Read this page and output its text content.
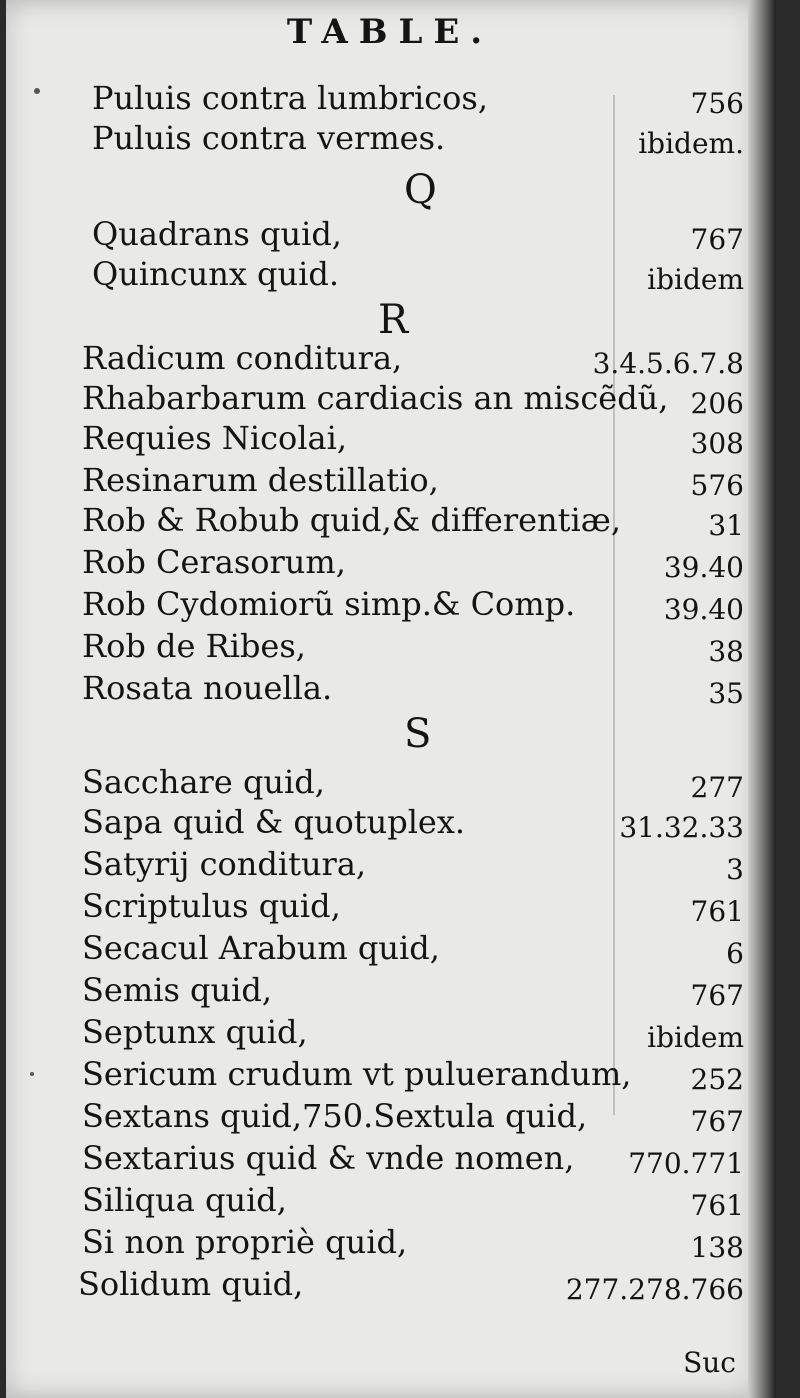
TABLE.
Puluis contra lumbricos,	756
Puluis contra vermes.	ibidem.
Q
Quadrans quid,	767
Quincunx quid.	ibidem
R
Radicum conditura,	3.4.5.6.7.8
Rhabarbarum cardiacis an miscẽdũ, 206
Requies Nicolai,	308
Resinarum destillatio,	576
Rob & Robub quid,& differentiæ,	31
Rob Cerasorum,	39.40
Rob Cydomiorũ simp.& Comp.	39.40
Rob de Ribes,	38
Rosata nouella.	35
S
Sacchare quid,	277
Sapa quid & quotuplex.	31.32.33
Satyrij conditura,	3
Scriptulus quid,	761
Secacul Arabum quid,	6
Semis quid,	767
Septunx quid,	ibidem
Sericum crudum vt puluerandum, 252
Sextans quid,750.Sextula quid,	767
Sextarius quid & vnde nomen, 770.771
Siliqua quid,	761
Si non propriè quid,	138
Solidum quid,	277.278.766
Suc
